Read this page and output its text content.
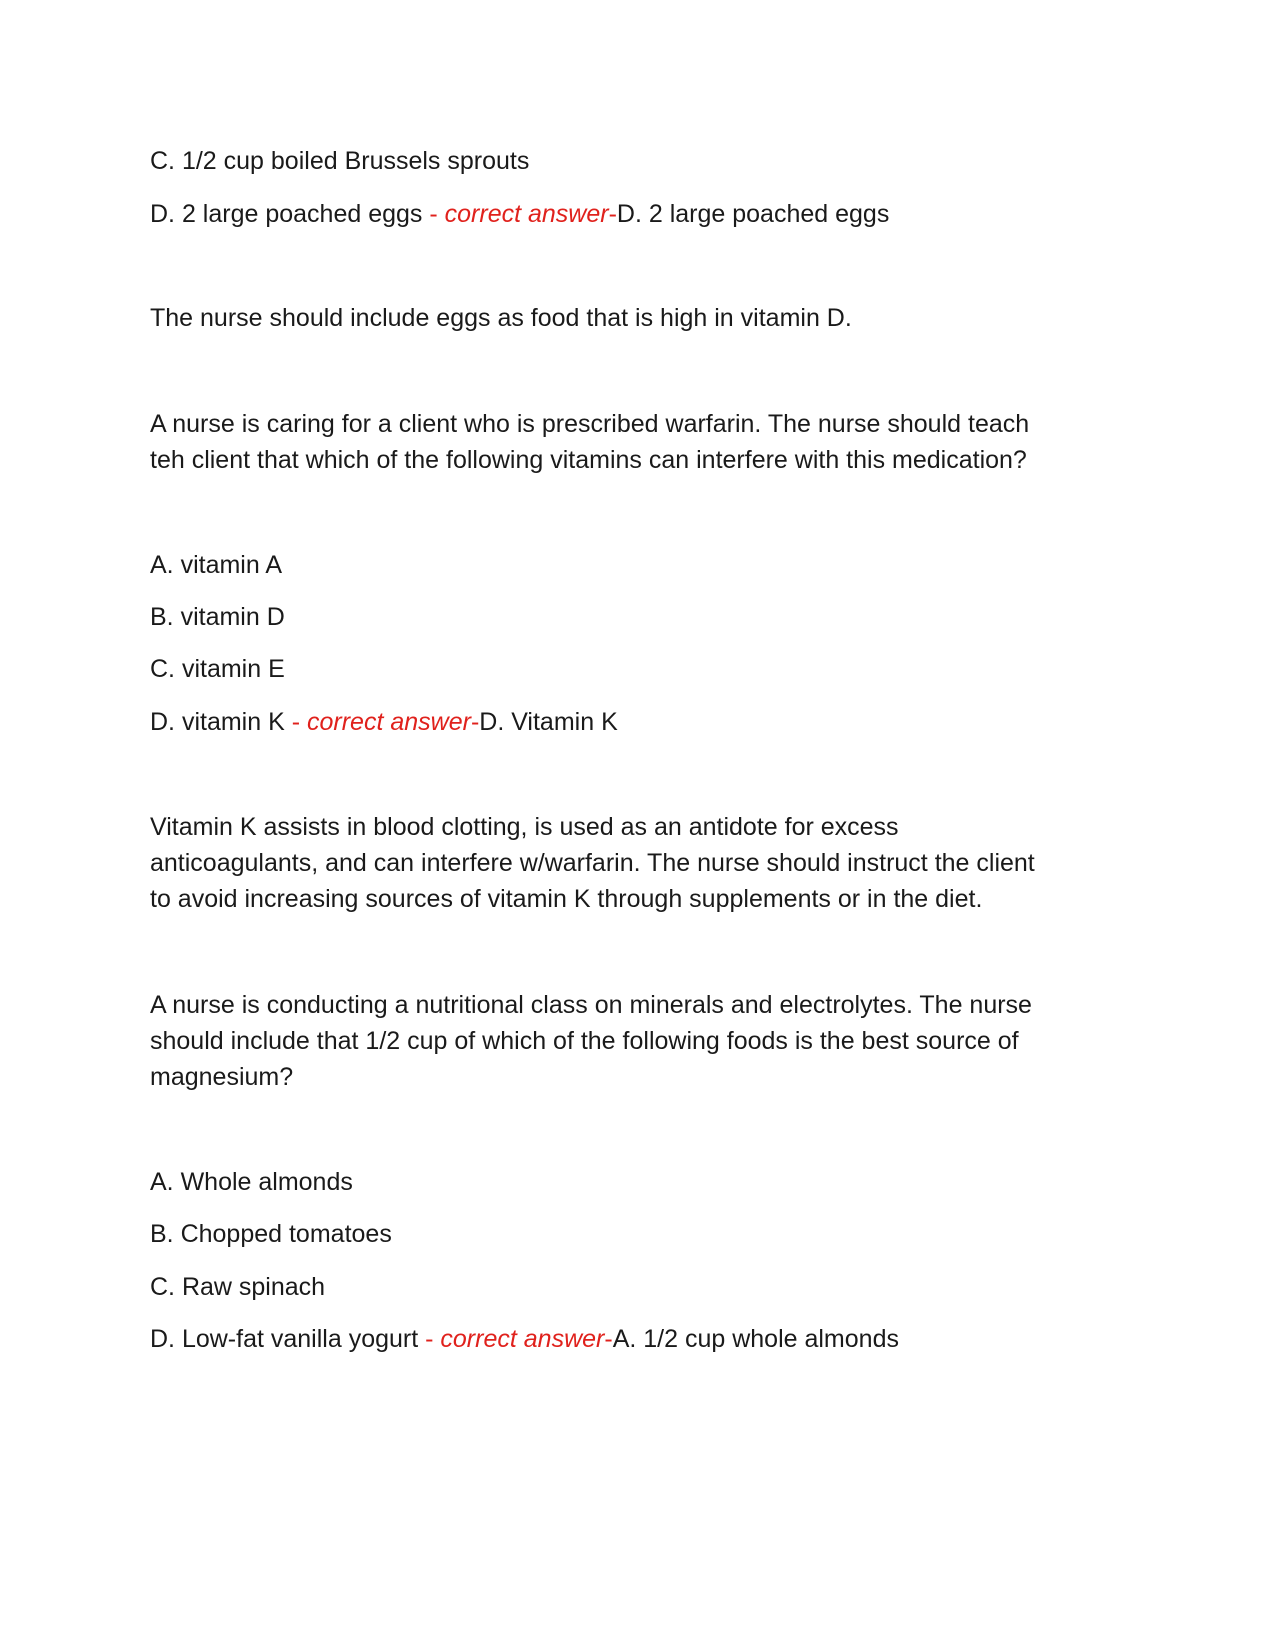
C. 1/2 cup boiled Brussels sprouts

D. 2 large poached eggs - correct answer-D. 2 large poached eggs

The nurse should include eggs as food that is high in vitamin D.

A nurse is caring for a client who is prescribed warfarin. The nurse should teach

teh client that which of the following vitamins can interfere with this medication?

A. vitamin A

B. vitamin D

C. vitamin E

D. vitamin K - correct answer-D. Vitamin K

Vitamin K assists in blood clotting, is used as an antidote for excess

anticoagulants, and can interfere w/warfarin. The nurse should instruct the client

to avoid increasing sources of vitamin K through supplements or in the diet.

A nurse is conducting a nutritional class on minerals and electrolytes. The nurse

should include that 1/2 cup of which of the following foods is the best source of

magnesium?

A. Whole almonds

B. Chopped tomatoes

C. Raw spinach

D. Low-fat vanilla yogurt - correct answer-A. 1/2 cup whole almonds
